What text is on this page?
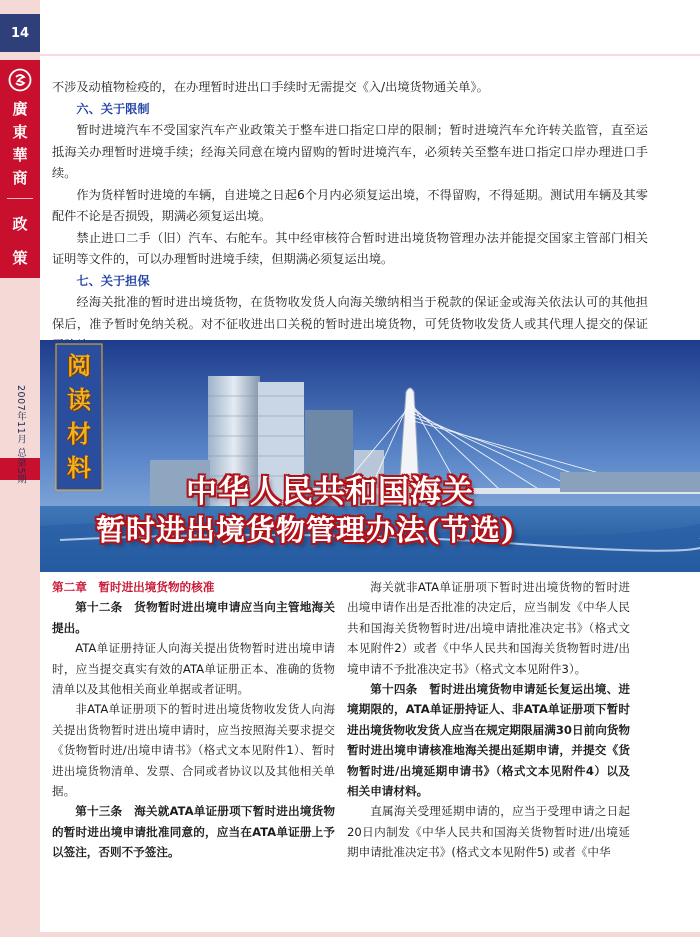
14
廣
東
華
商
政
策

不涉及动植物检疫的，在办理暂时进出口手续时无需提交《入/出境货物通关单》。

六、关于限制

暂时进境汽车不受国家汽车产业政策关于整车进口指定口岸的限制；暂时进境汽车允许转关监管，直至运抵海关办理暂时进境手续；经海关同意在境内留购的暂时进境汽车，必须转关至整车进口指定口岸办理进口手续。

作为货样暂时进境的车辆，自进境之日起6个月内必须复运出境，不得留购，不得延期。测试用车辆及其零配件不论是否损毁，期满必须复运出境。

禁止进口二手（旧）汽车、右舵车。其中经审核符合暂时进出境货物管理办法并能提交国家主管部门相关证明等文件的，可以办理暂时进境手续，但期满必须复运出境。

七、关于担保

经海关批准的暂时进出境货物，在货物收发货人向海关缴纳相当于税款的保证金或海关依法认可的其他担保后，准予暂时免纳关税。对不征收进出口关税的暂时进出境货物，可凭货物收发货人或其代理人提交的保证

阅
读
材
料
中华人民共和国海关
暂时进出境货物管理办法(节选)
2007年11月 总第5期

第二章　暂时进出境货物的核准

第十二条　货物暂时进出境申请应当向主管地海关提出。

ATA单证册持证人向海关提出货物暂时进出境申请时，应当提交真实有效的ATA单证册正本、准确的货物清单以及其他相关商业单据或者证明。

非ATA单证册项下的暂时进出境货物收发货人向海关提出货物暂时进出境申请时，应当按照海关要求提交《货物暂时进/出境申请书》（格式文本见附件1）、暂时进出境货物清单、发票、合同或者协议以及其他相关单据。

第十三条　海关就ATA单证册项下暂时进出境货物的暂时进出境申请批准同意的，应当在ATA单证册上予以签注，否则不予签注。

海关就非ATA单证册项下暂时进出境货物的暂时进出境申请作出是否批准的决定后，应当制发《中华人民共和国海关货物暂时进/出境申请批准决定书》（格式文本见附件2）或者《中华人民共和国海关货物暂时进/出境申请不予批准决定书》（格式文本见附件3）。

第十四条　暂时进出境货物申请延长复运出境、进境期限的，ATA单证册持证人、非ATA单证册项下暂时进出境货物收发货人应当在规定期限届满30日前向货物暂时进出境申请核准地海关提出延期申请，并提交《货物暂时进/出境延期申请书》（格式文本见附件4）以及相关申请材料。

直属海关受理延期申请的，应当于受理申请之日起20日内制发《中华人民共和国海关货物暂时进/出境延期申请批准决定书》(格式文本见附件5) 或者《中华
